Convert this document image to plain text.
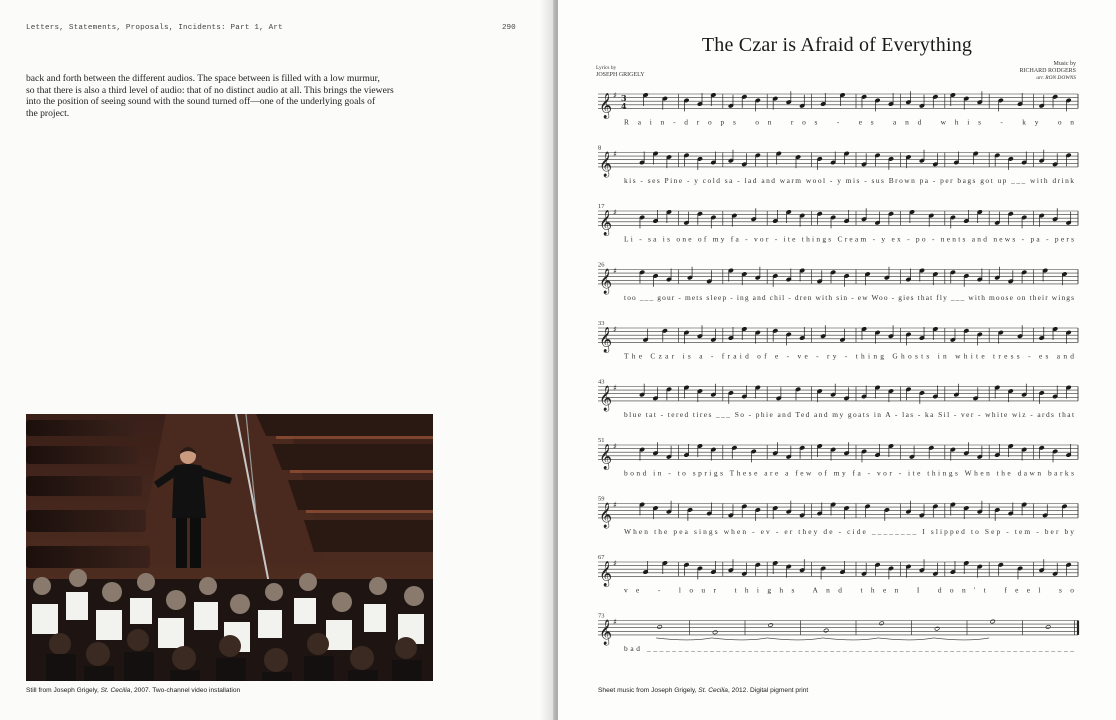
Letters, Statements, Proposals, Incidents: Part 1, Art	290

back and forth between the different audios. The space between is filled with a low murmur,

so that there is also a third level of audio: that of no distinct audio at all. This brings the viewers

into the position of seeing sound with the sound turned off—one of the underlying goals of

the project.

Still from Joseph Grigely, St. Cecilia, 2007. Two-channel video installation
The Czar is Afraid of Everything
Lyrics by
JOSEPH GRIGELY
Music by
RICHARD RODGERS
arr. RON DOWNS
𝄞 ♯ 3
4
Rain-drops on ros - es and whis - ky on
8
𝄞 ♯
kis - ses Pine - y cold sa - lad and warm wool - y mis - sus Brown pa - per bags got up ___ with drink
17
𝄞 ♯
Li - sa is one of my fa - vor - ite things Cream - y ex - po - nents and news - pa - pers
26
𝄞 ♯
too ___ gour - mets sleep - ing and chil - dren with sin - ew Woo - gies that fly ___ with moose on their wings
33
𝄞 ♯
The Czar is a - fraid of e - ve - ry - thing Ghosts in white tress - es and
43
𝄞 ♯
blue tat - tered tires ___ So - phie and Ted and my goats in A - las - ka Sil - ver - white wiz - ards that
51
𝄞 ♯
bond in - to sprigs These are a few of my fa - vor - ite things When the dawn barks
59
𝄞 ♯
When the pea sings when - ev - er they de - cide ________ I slipped to Sep - tem - ber by
67
𝄞 ♯
ve - lour thighs And then I don't feel so
73
𝄞 ♯
bad ____________________________________________________________________
Sheet music from Joseph Grigely, St. Cecilia, 2012. Digital pigment print
